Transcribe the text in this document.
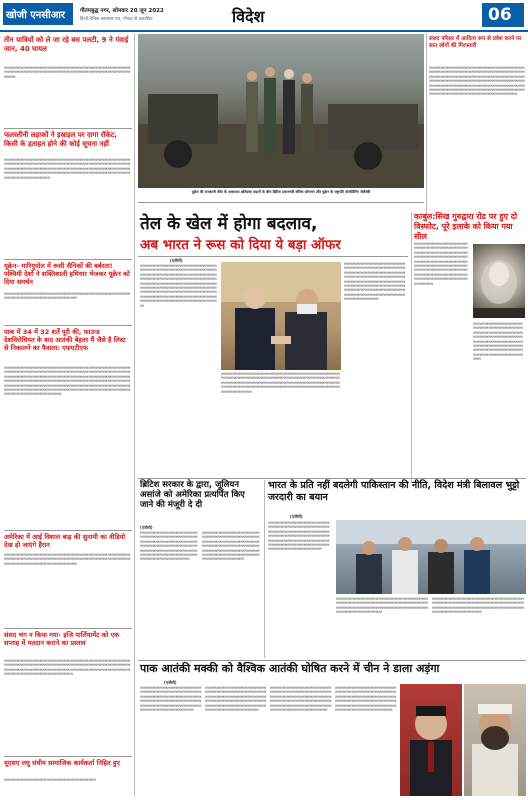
खोजी एनसीआर	गौतमबुद्ध नगर, सोमवार 20 जून 2022
हिन्दी दैनिक समाचार पत्र, नोएडा से प्रकाशित	विदेश	06
तीन यात्रियों को ले जा रहे बस पलटी, 9 ने गंवाई जान, 40 घायल
ल्लल्लल्लल्लल्लल्लल्लल्लल्लल्लल्लल्लल्लल्लल्लल्लल्लल्लल्लल्लल्लल्लल्लल्लल्लल्लल्लल्लल्लल्लल्लल्लल्लल्लल्लल्लल्लल्लल्लल्लल्लल्लल्लल्लल्लल्लल्लल्लल्लल्लल्लल्लल्लल्लल्लल्लल्लल्लल्लल्लल्लल्लल्लल्लल्लल्लल्लल्लल्ल
फलस्तीनी लड़ाकों ने इस्राइल पर दागा रॉकेट, किसी के हताहत होने की कोई सूचना नहीं
ल्लल्लल्लल्लल्लल्लल्लल्लल्लल्लल्लल्लल्लल्लल्लल्लल्लल्लल्लल्लल्लल्लल्लल्लल्लल्लल्लल्लल्लल्लल्लल्लल्लल्लल्लल्लल्लल्लल्लल्लल्लल्लल्लल्लल्लल्लल्लल्लल्लल्लल्लल्लल्लल्लल्लल्लल्लल्लल्लल्लल्लल्लल्लल्लल्लल्लल्लल्लल्लल्लल्लल्लल्लल्लल्लल्लल्लल्लल्लल्लल्लल्लल्लल्लल्लल्लल्लल्लल्लल्लल्लल्लल्लल्लल्लल्लल्लल्लल्लल्लल्लल्लल्लल्लल्लल्लल्लल्लल्लल्लल्लल्लल्लल्लल्लल्लल्लल्लल्लल्लल्लल्लल्लल्लल्लल्लल्लल्लल्लल्लल्लल्लल्लल्लल्लल्लल्लल्लल्लल्लल्लल्लल्लल्ल
यूक्रेन- मारियुपोल में रूसी सैनिकों की बर्बरता! पश्चिमी देशों ने शक्तिशाली हथियार भेजकर यूक्रेन को दिया समर्थन
ल्लल्लल्लल्लल्लल्लल्लल्लल्लल्लल्लल्लल्लल्लल्लल्लल्लल्लल्लल्लल्लल्लल्लल्लल्लल्लल्लल्लल्लल्लल्लल्लल्लल्लल्लल्लल्लल्लल्लल्लल्लल्लल्लल्लल्लल्लल्लल्लल्लल्लल्लल्ल
पाक में 34 में 32 शर्तें पूरी की, फाउन्ड देशविरोधियत के बाद आतंकी बेहतर मैं जैसे है लिस्ट से निकालने का फैसला: एफएटीएफ
ल्लल्लल्लल्लल्लल्लल्लल्लल्लल्लल्लल्लल्लल्लल्लल्लल्लल्लल्लल्लल्लल्लल्लल्लल्लल्लल्लल्लल्लल्लल्लल्लल्लल्लल्लल्लल्लल्लल्लल्लल्लल्लल्लल्लल्लल्लल्लल्लल्लल्लल्लल्लल्लल्लल्लल्लल्लल्लल्लल्लल्लल्लल्लल्लल्लल्लल्लल्लल्लल्लल्लल्लल्लल्लल्लल्लल्लल्लल्लल्लल्लल्लल्लल्लल्लल्लल्लल्लल्लल्लल्लल्लल्लल्लल्लल्लल्लल्लल्लल्लल्लल्लल्लल्लल्लल्लल्लल्लल्लल्लल्लल्लल्लल्लल्लल्लल्लल्लल्लल्लल्लल्लल्लल्लल्लल्लल्लल्लल्लल्लल्लल्लल्लल्लल्लल्लल्लल्लल्लल्लल्लल्लल्लल्लल्लल्लल्लल्लल्लल्लल्लल्लल्लल्लल्लल्लल्लल्लल्लल्लल्लल्लल्लल्लल्लल्लल्लल्लल्लल्लल्लल्लल्लल्लल्लल्लल्लल्लल्लल्लल्लल्लल्लल्लल्लल्लल्लल्लल्लल्लल्लल्लल्लल्लल्लल्लल्लल्लल्लल्लल्लल्लल्लल्लल्लल्लल्लल्लल्लल्लल्लल्लल्ल
अमेरिका में आई विशाल बाढ़ की सुनामी का वीडियो देख हो जाएंगे हैरान
ल्लल्लल्लल्लल्लल्लल्लल्लल्लल्लल्लल्लल्लल्लल्लल्लल्लल्लल्लल्लल्लल्लल्लल्लल्लल्लल्लल्लल्लल्लल्लल्लल्लल्लल्लल्लल्लल्लल्लल्लल्लल्लल्लल्लल्लल्लल्लल्लल्लल्लल्लल्लल्लल्लल्लल्लल्लल्लल्लल्लल्लल्लल्लल्लल्लल्लल्लल्लल्लल्लल्लल्लल्लल्लल्लल्लल्लल्लल्लल्लल्लल्लल्लल्लल्ल
संसद भंग न किया गया- इजि पार्लियामेंट को एक सप्ताह में मतदान कराने का प्रस्ताव
ल्लल्लल्लल्लल्लल्लल्लल्लल्लल्लल्लल्लल्लल्लल्लल्लल्लल्लल्लल्लल्लल्लल्लल्लल्लल्लल्लल्लल्लल्लल्लल्लल्लल्लल्लल्लल्लल्लल्लल्लल्लल्लल्लल्लल्लल्लल्लल्लल्लल्लल्लल्लल्लल्लल्लल्लल्लल्लल्लल्लल्लल्लल्लल्लल्लल्लल्लल्लल्लल्लल्लल्लल्लल्लल्लल्लल्लल्लल्लल्लल्लल्लल्लल्लल्लल्लल्लल्लल्लल्लल्लल्लल्लल्लल्लल्लल्लल्लल्लल्लल्लल्लल्लल्लल्लल्लल्लल्लल्लल्लल्लल्लल्लल्लल्लल्लल्ल
यूएसए लघु संघीय सामाजिक कार्यकर्ता निहित हुए
ल्लल्लल्लल्लल्लल्लल्लल्लल्लल्लल्लल्लल्लल्लल्लल्लल्लल्लल्लल्लल्लल्लल्लल्ल
यूक्रेन की राजधानी कीव के आसपास क्षतिग्रस्त वाहनों के बीच ब्रिटिश प्रधानमंत्री बोरिस जॉनसन और यूक्रेन के राष्ट्रपति वोलोदिमिर जेलेंस्की
संसद परिसर में आदित्य रूप से प्रवेश करने पर सात लोगों की गिरफ्तारी
ल्लल्लल्लल्लल्लल्लल्लल्लल्लल्लल्लल्लल्लल्लल्लल्लल्लल्लल्लल्लल्लल्लल्लल्लल्लल्लल्लल्लल्लल्लल्लल्लल्लल्लल्लल्लल्लल्लल्लल्लल्लल्लल्लल्लल्लल्लल्लल्लल्लल्लल्लल्लल्लल्लल्लल्लल्लल्लल्लल्लल्लल्लल्लल्लल्लल्लल्लल्लल्लल्लल्लल्लल्लल्लल्लल्लल्लल्लल्लल्लल्लल्लल्लल्लल्लल्लल्लल्लल्लल्लल्लल्लल्लल्लल्लल्लल्लल्लल्लल्लल्लल्लल्लल्लल्लल्लल्लल्लल्लल्लल्लल्लल्लल्लल्लल्लल्लल्लल्लल्लल्लल्लल्लल्लल्लल्लल्लल्लल्लल्लल्लल्लल्लल्लल्लल्लल्लल्लल्लल्लल्लल्लल्लल्लल्लल्लल्लल्लल्लल्लल्लल्लल्लल्लल्लल्लल्लल्लल्लल्लल्लल्लल्लल्लल्लल्लल्लल्लल्लल्लल्लल्लल्ल
तेल के खेल में होगा बदलाव,
अब भारत ने रूस को दिया ये बड़ा ऑफर
काबुल:सिख गुरुद्वारा रोड पर हुए दो विस्फोट, पूरे इलाके को किया गया सील
(एजेंसी)
ल्लल्लल्लल्लल्लल्लल्लल्लल्लल्लल्लल्लल्लल्लल्लल्लल्लल्लल्लल्लल्लल्लल्लल्लल्लल्लल्लल्लल्लल्लल्लल्लल्लल्लल्लल्लल्लल्लल्लल्लल्लल्लल्लल्लल्लल्लल्लल्लल्लल्लल्लल्लल्लल्लल्लल्लल्लल्लल्लल्लल्लल्लल्लल्लल्लल्लल्लल्लल्लल्लल्लल्लल्लल्लल्लल्लल्लल्लल्लल्लल्लल्लल्लल्लल्लल्लल्लल्लल्लल्लल्लल्लल्लल्लल्लल्लल्लल्लल्लल्लल्लल्लल्लल्लल्लल्लल्लल्लल्लल्लल्लल्लल्लल्लल्लल्लल्लल्लल्लल्लल्लल्लल्लल्लल्लल्लल्लल्लल्लल्लल्लल्लल्लल्लल्लल्लल्लल्लल्लल्लल्लल्लल्लल्लल्लल्लल्लल्लल्लल्लल्लल्लल्लल्लल्लल्लल्लल्लल्लल्लल्लल्लल्लल्लल्लल्लल्लल्लल्लल्लल्लल्लल्लल्लल्लल्लल्लल्लल्लल्लल्ल
ल्लल्लल्लल्लल्लल्लल्लल्लल्लल्लल्लल्लल्लल्लल्लल्लल्लल्लल्लल्लल्लल्लल्लल्लल्लल्लल्लल्लल्लल्लल्लल्लल्लल्लल्लल्लल्लल्लल्लल्लल्लल्लल्लल्लल्लल्लल्लल्लल्लल्लल्लल्लल्लल्लल्लल्लल्लल्लल्लल्लल्लल्लल्लल्लल्लल्लल्लल्लल्लल्लल्लल्लल्लल्लल्लल्लल्लल्लल्लल्लल्लल्लल्लल्लल्लल्लल्लल्लल्लल्लल्लल्लल्लल्लल्लल्लल्लल्लल्लल्लल्लल्लल्लल्लल्लल्लल्लल्लल्लल्लल्लल्लल्लल्लल्लल्लल्लल्लल्लल्लल्लल्लल्लल्लल्लल्लल्लल्लल्लल्लल्लल्ल
ल्लल्लल्लल्लल्लल्लल्लल्लल्लल्लल्लल्लल्लल्लल्लल्लल्लल्लल्लल्लल्लल्लल्लल्लल्लल्लल्लल्लल्लल्लल्लल्लल्लल्लल्लल्लल्लल्लल्लल्लल्लल्लल्लल्लल्लल्लल्लल्लल्लल्लल्लल्लल्लल्लल्लल्लल्लल्लल्लल्लल्लल्लल्लल्लल्लल्लल्लल्लल्लल्लल्लल्लल्लल्लल्लल्लल्लल्लल्लल्लल्लल्लल्लल्लल्लल्लल्लल्लल्लल्लल्लल्लल्लल्लल्लल्लल्लल्लल्लल्लल्लल्लल्लल्लल्लल्लल्लल्लल्लल्लल्लल्लल्लल्लल्लल्लल्लल्लल्लल्लल्लल्लल्लल्लल्लल्लल्लल्लल्लल्लल्लल्लल्लल्लल्लल्लल्ल
ल्लल्लल्लल्लल्लल्लल्लल्लल्लल्लल्लल्लल्लल्लल्लल्लल्लल्लल्लल्लल्लल्लल्लल्लल्लल्लल्लल्लल्लल्लल्लल्लल्लल्लल्लल्लल्लल्लल्लल्लल्लल्लल्लल्लल्लल्लल्लल्लल्लल्लल्लल्लल्लल्लल्लल्लल्लल्लल्लल्लल्लल्लल्लल्लल्लल्लल्लल्लल्लल्लल्लल्लल्लल्लल्लल्लल्लल्लल्लल्लल्लल्लल्लल्लल्लल्लल्लल्लल्लल्लल्लल्लल्लल्लल्लल्लल्लल्लल्लल्लल्लल्लल्लल्लल्लल्लल्लल्लल्लल्लल्लल्लल्लल्लल्लल्लल्लल्लल्लल्लल्लल्लल्लल्लल्लल्लल्लल्लल्लल्लल्ल
ल्लल्लल्लल्लल्लल्लल्लल्लल्लल्लल्लल्लल्लल्लल्लल्लल्लल्लल्लल्लल्लल्लल्लल्लल्लल्लल्लल्लल्लल्लल्लल्लल्लल्लल्लल्लल्लल्लल्लल्लल्लल्लल्लल्लल्लल्लल्लल्लल्लल्लल्लल्लल्लल्लल्लल्लल्लल्लल्लल्लल्लल्लल्लल्लल्लल्लल्लल्लल्लल्लल्लल्लल्लल्लल्लल्लल्लल्लल्लल्लल्लल्लल्लल्लल्लल्लल्लल्लल्लल्लल्लल्लल्लल्लल्लल्लल्लल्लल्लल्लल्लल्लल्लल्लल्लल्ल
ब्रिटिश सरकार के द्वारा, जूलियन असांजे को अमेरिका प्रत्यर्पित किए जाने की मंजूरी दे दी
(एजेंसी)
ल्लल्लल्लल्लल्लल्लल्लल्लल्लल्लल्लल्लल्लल्लल्लल्लल्लल्लल्लल्लल्लल्लल्लल्लल्लल्लल्लल्लल्लल्लल्लल्लल्लल्लल्लल्लल्लल्लल्लल्लल्लल्लल्लल्लल्लल्लल्लल्लल्लल्लल्लल्लल्लल्लल्लल्लल्लल्लल्लल्लल्लल्लल्लल्लल्लल्लल्लल्लल्लल्लल्लल्लल्लल्लल्लल्लल्लल्लल्लल्लल्लल्लल्लल्लल्लल्लल्लल्लल्लल्लल्लल्लल्लल्लल्लल्लल्लल्लल्लल्लल्लल्लल्ल
ल्लल्लल्लल्लल्लल्लल्लल्लल्लल्लल्लल्लल्लल्लल्लल्लल्लल्लल्लल्लल्लल्लल्लल्लल्लल्लल्लल्लल्लल्लल्लल्लल्लल्लल्लल्लल्लल्लल्लल्लल्लल्लल्लल्लल्लल्लल्लल्लल्लल्लल्लल्लल्लल्लल्लल्लल्लल्लल्लल्लल्लल्लल्लल्लल्लल्लल्लल्लल्लल्लल्लल्लल्लल्लल्लल्लल्लल्लल्लल्लल्लल्लल्लल्लल्लल्लल्लल्लल्लल्लल्लल्लल्लल्लल्लल्लल्लल्लल्लल्लल्ल
भारत के प्रति नहीं बदलेगी पाकिस्तान की नीति, विदेश मंत्री बिलावल भुट्टो जरदारी का बयान
(एजेंसी)
ल्लल्लल्लल्लल्लल्लल्लल्लल्लल्लल्लल्लल्लल्लल्लल्लल्लल्लल्लल्लल्लल्लल्लल्लल्लल्लल्लल्लल्लल्लल्लल्लल्लल्लल्लल्लल्लल्लल्लल्लल्लल्लल्लल्लल्लल्लल्लल्लल्लल्लल्लल्लल्लल्लल्लल्लल्लल्लल्लल्लल्लल्लल्लल्लल्लल्लल्लल्लल्लल्लल्लल्लल्लल्लल्लल्लल्लल्लल्लल्लल्लल्लल्लल्लल्लल्लल्लल्लल्लल्लल्लल्लल्लल्लल्लल्लल्लल्लल्लल्लल्लल्लल्लल्लल्लल्लल्लल्लल्लल्ल
ल्लल्लल्लल्लल्लल्लल्लल्लल्लल्लल्लल्लल्लल्लल्लल्लल्लल्लल्लल्लल्लल्लल्लल्लल्लल्लल्लल्लल्लल्लल्लल्लल्लल्लल्लल्लल्लल्लल्लल्लल्लल्लल्लल्लल्लल्लल्लल्लल्लल्लल्लल्लल्लल्लल्लल्लल्लल्लल्लल्लल्लल्लल्लल्लल्लल्लल्लल्लल्लल्लल्लल्लल्लल्लल्लल्लल्लल्लल्लल्लल्लल्लल्लल्ल
ल्लल्लल्लल्लल्लल्लल्लल्लल्लल्लल्लल्लल्लल्लल्लल्लल्लल्लल्लल्लल्लल्लल्लल्लल्लल्लल्लल्लल्लल्लल्लल्लल्लल्लल्लल्लल्लल्लल्लल्लल्लल्लल्लल्लल्लल्लल्लल्लल्लल्लल्लल्लल्लल्लल्लल्लल्लल्लल्लल्लल्लल्लल्लल्लल्लल्लल्लल्लल्लल्लल्लल्लल्लल्लल्लल्लल्लल्लल्लल्लल्लल्लल्लल्लल्ल
पाक आतंकी मक्की को वैश्विक आतंकी घोषित करने में चीन ने डाला अड़ंगा
(एजेंसी)
ल्लल्लल्लल्लल्लल्लल्लल्लल्लल्लल्लल्लल्लल्लल्लल्लल्लल्लल्लल्लल्लल्लल्लल्लल्लल्लल्लल्लल्लल्लल्लल्लल्लल्लल्लल्लल्लल्लल्लल्लल्लल्लल्लल्लल्लल्लल्लल्लल्लल्लल्लल्लल्लल्लल्लल्लल्लल्लल्लल्लल्लल्लल्लल्लल्लल्लल्लल्लल्लल्लल्लल्लल्लल्लल्लल्लल्लल्लल्लल्लल्लल्लल्लल्लल्लल्लल्लल्लल्लल्लल्लल्लल्लल्ल
ल्लल्लल्लल्लल्लल्लल्लल्लल्लल्लल्लल्लल्लल्लल्लल्लल्लल्लल्लल्लल्लल्लल्लल्लल्लल्लल्लल्लल्लल्लल्लल्लल्लल्लल्लल्लल्लल्लल्लल्लल्लल्लल्लल्लल्लल्लल्लल्लल्लल्लल्लल्लल्लल्लल्लल्लल्लल्लल्लल्लल्लल्लल्लल्लल्लल्लल्लल्लल्लल्लल्लल्लल्लल्लल्लल्लल्लल्लल्लल्लल्लल्लल्लल्लल्लल्लल्लल्लल्लल्लल्लल्लल्लल्ल
ल्लल्लल्लल्लल्लल्लल्लल्लल्लल्लल्लल्लल्लल्लल्लल्लल्लल्लल्लल्लल्लल्लल्लल्लल्लल्लल्लल्लल्लल्लल्लल्लल्लल्लल्लल्लल्लल्लल्लल्लल्लल्लल्लल्लल्लल्लल्लल्लल्लल्लल्लल्लल्लल्लल्लल्लल्लल्लल्लल्लल्लल्लल्लल्लल्लल्लल्लल्लल्लल्लल्लल्लल्लल्लल्लल्लल्लल्लल्लल्लल्लल्लल्लल्लल्लल्लल्लल्लल्लल्लल्लल्लल्लल्लल्ल
ल्लल्लल्लल्लल्लल्लल्लल्लल्लल्लल्लल्लल्लल्लल्लल्लल्लल्लल्लल्लल्लल्लल्लल्लल्लल्लल्लल्लल्लल्लल्लल्लल्लल्लल्लल्लल्लल्लल्लल्लल्लल्लल्लल्लल्लल्लल्लल्लल्लल्लल्लल्लल्लल्लल्लल्लल्लल्लल्लल्लल्लल्लल्लल्लल्लल्लल्लल्लल्लल्लल्लल्लल्लल्लल्लल्लल्लल्लल्लल्लल्लल्लल्लल्लल्लल्लल्लल्लल्लल्लल्लल्लल्लल्लल्ल
